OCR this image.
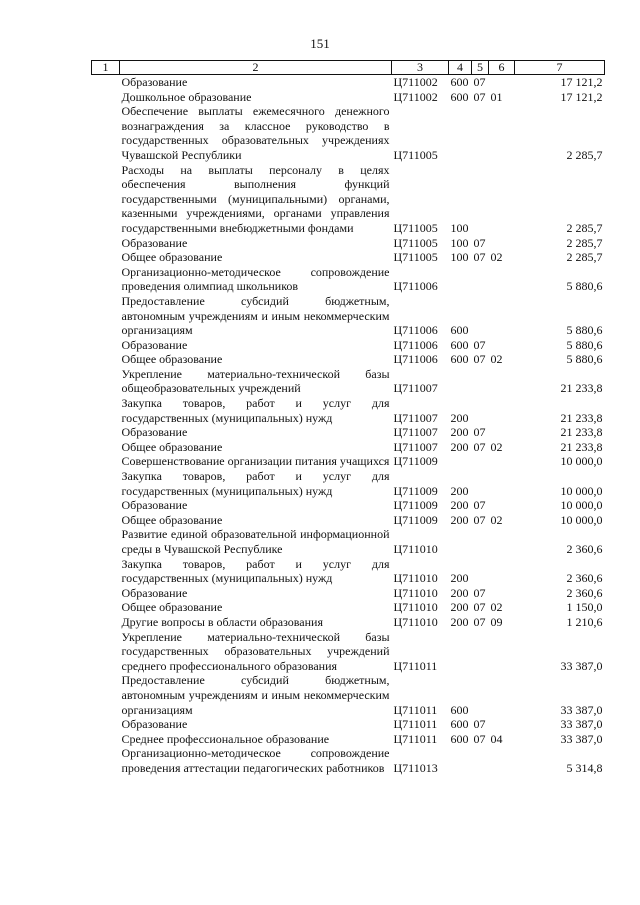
151
1	2	3	4	5	6	7
	Образование	Ц711002	600	07		17 121,2
	Дошкольное образование	Ц711002	600	07	01	17 121,2
	Обеспечение выплаты ежемесячного денежного вознаграждения за классное руководство в государственных образовательных учреждениях Чувашской Республики	Ц711005				2 285,7
	Расходы на выплаты персоналу в целях обеспечения выполнения функций государственными (муниципальными) органами, казенными учреждениями, органами управления государственными внебюджетными фондами	Ц711005	100			2 285,7
	Образование	Ц711005	100	07		2 285,7
	Общее образование	Ц711005	100	07	02	2 285,7
	Организационно-методическое сопровождение проведения олимпиад школьников	Ц711006				5 880,6
	Предоставление субсидий бюджетным, автономным учреждениям и иным некоммерческим организациям	Ц711006	600			5 880,6
	Образование	Ц711006	600	07		5 880,6
	Общее образование	Ц711006	600	07	02	5 880,6
	Укрепление материально-технической базы общеобразовательных учреждений	Ц711007				21 233,8
	Закупка товаров, работ и услуг для государственных (муниципальных) нужд	Ц711007	200			21 233,8
	Образование	Ц711007	200	07		21 233,8
	Общее образование	Ц711007	200	07	02	21 233,8
	Совершенствование организации питания учащихся	Ц711009				10 000,0
	Закупка товаров, работ и услуг для государственных (муниципальных) нужд	Ц711009	200			10 000,0
	Образование	Ц711009	200	07		10 000,0
	Общее образование	Ц711009	200	07	02	10 000,0
	Развитие единой образовательной информационной среды в Чувашской Республике	Ц711010				2 360,6
	Закупка товаров, работ и услуг для государственных (муниципальных) нужд	Ц711010	200			2 360,6
	Образование	Ц711010	200	07		2 360,6
	Общее образование	Ц711010	200	07	02	1 150,0
	Другие вопросы в области образования	Ц711010	200	07	09	1 210,6
	Укрепление материально-технической базы государственных образовательных учреждений среднего профессионального образования	Ц711011				33 387,0
	Предоставление субсидий бюджетным, автономным учреждениям и иным некоммерческим организациям	Ц711011	600			33 387,0
	Образование	Ц711011	600	07		33 387,0
	Среднее профессиональное образование	Ц711011	600	07	04	33 387,0
	Организационно-методическое сопровождение проведения аттестации педагогических работников	Ц711013				5 314,8
